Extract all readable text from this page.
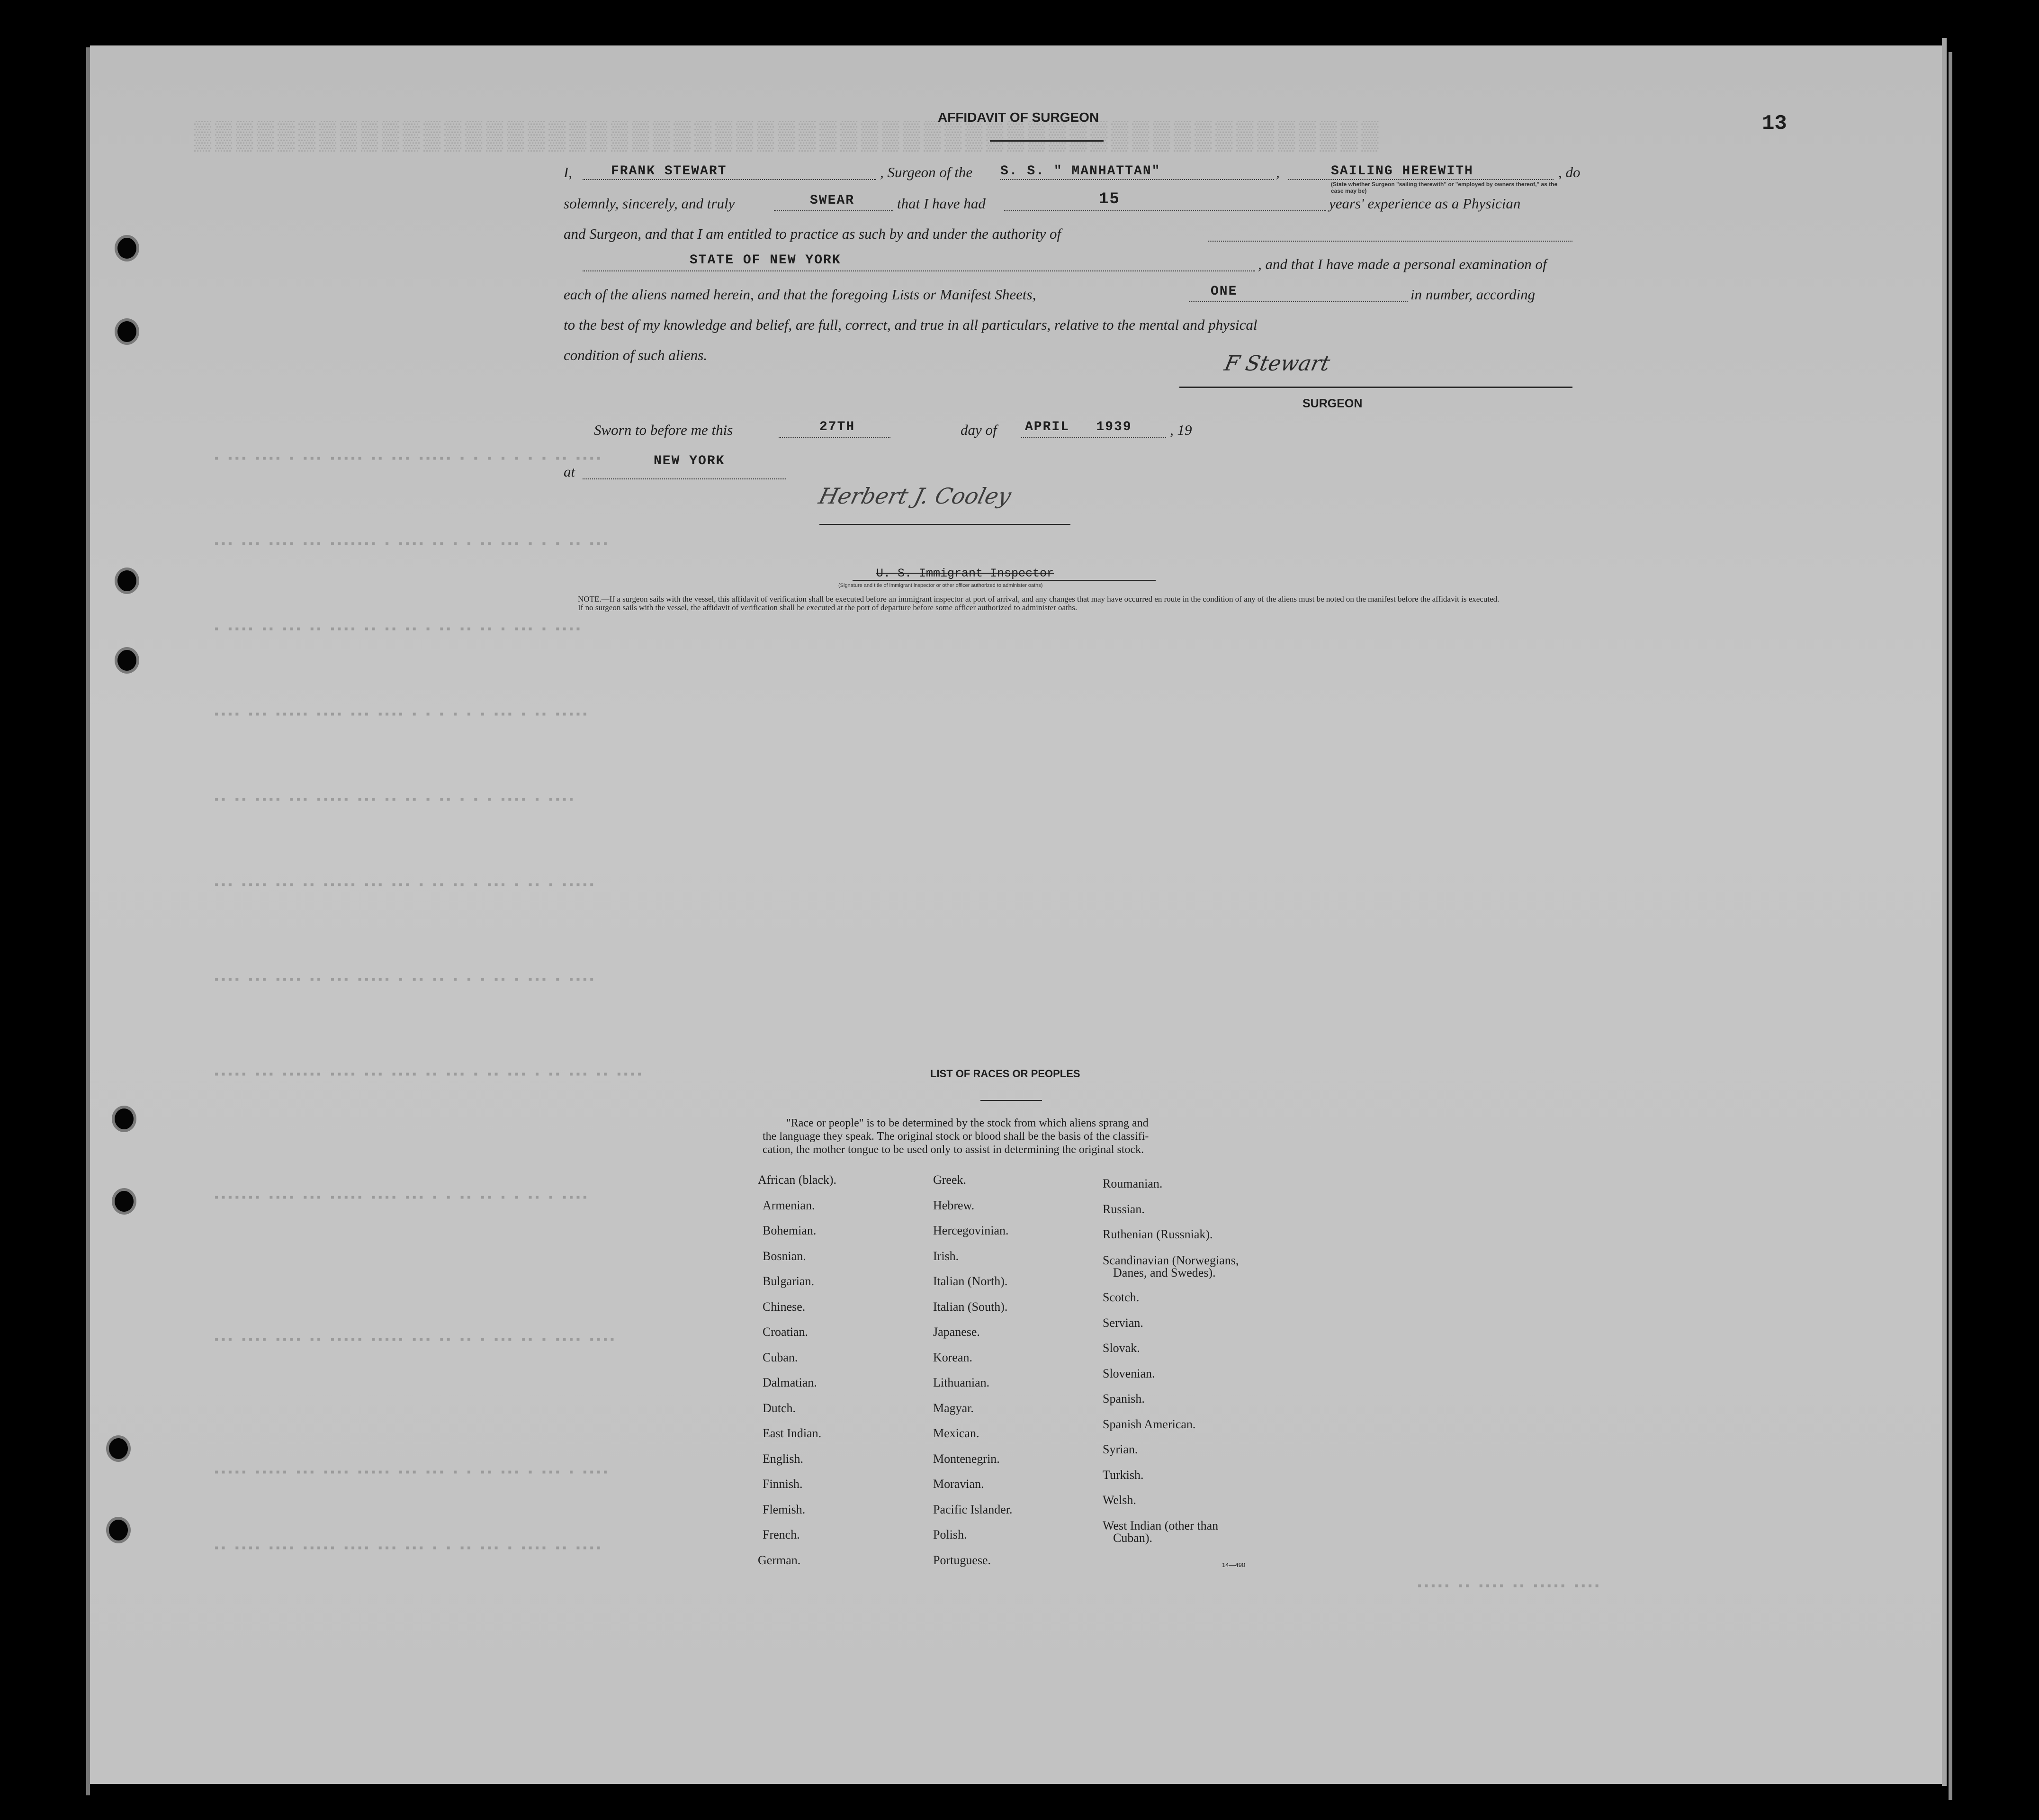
▒▒▒▒▒▒▒▒▒▒▒▒▒▒▒▒▒▒▒▒▒▒▒▒▒▒▒▒▒▒▒▒▒▒▒▒▒▒▒▒▒▒▒▒▒▒▒▒▒▒▒▒▒▒▒▒▒
▪ ▪▪▪ ▪▪▪▪ ▪ ▪▪▪ ▪▪▪▪▪ ▪▪ ▪▪▪ ▪▪▪▪▪ ▪ ▪ ▪ ▪ ▪ ▪ ▪ ▪▪ ▪▪▪▪
▪▪▪ ▪▪▪ ▪▪▪▪ ▪▪▪ ▪▪▪▪▪▪▪ ▪ ▪▪▪▪ ▪▪ ▪ ▪ ▪▪ ▪▪▪ ▪ ▪ ▪ ▪▪ ▪▪▪
▪ ▪▪▪▪ ▪▪ ▪▪▪ ▪▪ ▪▪▪▪ ▪▪ ▪▪ ▪▪ ▪ ▪▪ ▪▪ ▪▪ ▪ ▪▪▪ ▪ ▪▪▪▪
▪▪▪▪ ▪▪▪ ▪▪▪▪▪ ▪▪▪▪ ▪▪▪ ▪▪▪▪ ▪ ▪ ▪ ▪ ▪ ▪ ▪▪▪ ▪ ▪▪ ▪▪▪▪▪
▪▪ ▪▪ ▪▪▪▪ ▪▪▪ ▪▪▪▪▪ ▪▪▪ ▪▪ ▪▪ ▪ ▪▪ ▪ ▪ ▪ ▪▪▪▪ ▪ ▪▪▪▪
▪▪▪ ▪▪▪▪ ▪▪▪ ▪▪ ▪▪▪▪▪ ▪▪▪ ▪▪▪ ▪ ▪▪ ▪▪ ▪ ▪▪▪ ▪ ▪▪ ▪ ▪▪▪▪▪
▪▪▪▪ ▪▪▪ ▪▪▪▪ ▪▪ ▪▪▪ ▪▪▪▪▪ ▪ ▪▪ ▪▪ ▪ ▪ ▪ ▪▪ ▪ ▪▪▪ ▪ ▪▪▪▪
▪▪▪▪▪ ▪▪▪ ▪▪▪▪▪▪ ▪▪▪▪ ▪▪▪ ▪▪▪▪ ▪▪ ▪▪▪ ▪ ▪▪ ▪▪▪ ▪ ▪▪ ▪▪▪ ▪▪ ▪▪▪▪
▪▪▪▪▪▪▪ ▪▪▪▪ ▪▪▪ ▪▪▪▪▪ ▪▪▪▪ ▪▪▪ ▪ ▪ ▪▪ ▪▪ ▪ ▪ ▪▪ ▪ ▪▪▪▪
▪▪▪ ▪▪▪▪ ▪▪▪▪ ▪▪ ▪▪▪▪▪ ▪▪▪▪▪ ▪▪▪ ▪▪ ▪▪ ▪ ▪▪▪ ▪▪ ▪ ▪▪▪▪ ▪▪▪▪
▪▪▪▪▪ ▪▪▪▪▪ ▪▪▪ ▪▪▪▪ ▪▪▪▪▪ ▪▪▪ ▪▪▪ ▪ ▪ ▪▪ ▪▪▪ ▪ ▪▪▪ ▪ ▪▪▪▪
▪▪ ▪▪▪▪ ▪▪▪▪ ▪▪▪▪▪ ▪▪▪▪ ▪▪▪ ▪▪▪ ▪ ▪ ▪▪ ▪▪▪ ▪ ▪▪▪▪ ▪▪ ▪▪▪▪
▪▪▪▪▪ ▪▪ ▪▪▪▪ ▪▪ ▪▪▪▪▪ ▪▪▪▪
13
AFFIDAVIT OF SURGEON
I,	FRANK STEWART	, Surgeon of the S. S. " MANHATTAN"	,	SAILING HEREWITH	, do
(State whether Surgeon "sailing therewith" or "employed by owners thereof," as the case may be)
solemnly, sincerely, and truly	SWEAR	that I have had	15	years' experience as a Physician
and Surgeon, and that I am entitled to practice as such by and under the authority of
STATE OF NEW YORK	, and that I have made a personal examination of
each of the aliens named herein, and that the foregoing Lists or Manifest Sheets,	ONE	in number, according
to the best of my knowledge and belief, are full, correct, and true in all particulars, relative to the mental and physical
condition of such aliens.	F Stewart
SURGEON
Sworn to before me this	27TH	day of APRIL   1939	, 19
at
NEW YORK
Herbert J. Cooley
U. S. Immigrant Inspector
(Signature and title of immigrant inspector or other officer authorized to administer oaths)
NOTE.—If a surgeon sails with the vessel, this affidavit of verification shall be executed before an immigrant inspector at port of arrival, and any changes that may have occurred en route in the condition of any of the aliens must be noted on the manifest before the affidavit is executed.
If no surgeon sails with the vessel, the affidavit of verification shall be executed at the port of departure before some officer authorized to administer oaths.
LIST OF RACES OR PEOPLES
"Race or people" is to be determined by the stock from which aliens sprang and
the language they speak. The original stock or blood shall be the basis of the classifi-
cation, the mother tongue to be used only to assist in determining the original stock.
African (black).
Armenian.
Bohemian.
Bosnian.
Bulgarian.
Chinese.
Croatian.
Cuban.
Dalmatian.
Dutch.
East Indian.
English.
Finnish.
Flemish.
French.
German.
Greek.
Hebrew.
Hercegovinian.
Irish.
Italian (North).
Italian (South).
Japanese.
Korean.
Lithuanian.
Magyar.
Mexican.
Montenegrin.
Moravian.
Pacific Islander.
Polish.
Portuguese.
Roumanian.
Russian.
Ruthenian (Russniak).
Scandinavian (Norwegians,
Danes, and Swedes).
Scotch.
Servian.
Slovak.
Slovenian.
Spanish.
Spanish American.
Syrian.
Turkish.
Welsh.
West Indian (other than
Cuban).
14—490
